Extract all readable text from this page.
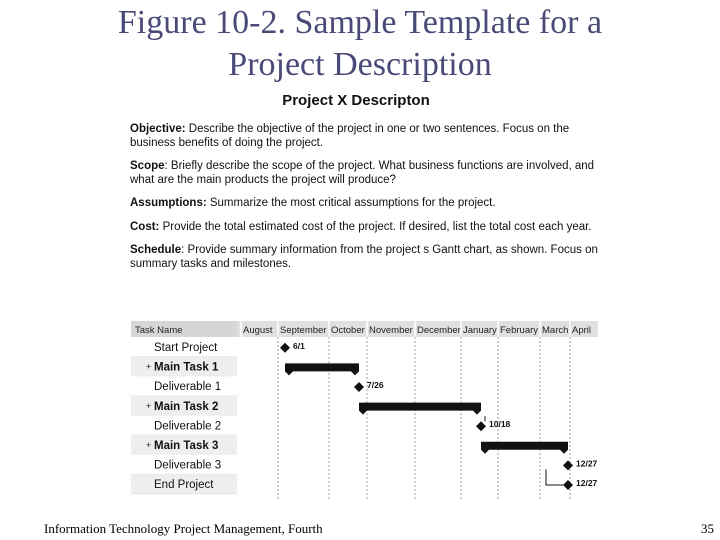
Figure 10-2. Sample Template for a
Project Description
Project X Descripton
Objective: Describe the objective of the project in one or two sentences. Focus on the business benefits of doing the project.
Scope: Briefly describe the scope of the project. What business functions are involved, and what are the main products the project will produce?
Assumptions: Summarize the most critical assumptions for the project.
Cost: Provide the total estimated cost of the project. If desired, list the total cost each year.
Schedule: Provide summary information from the project s Gantt chart, as shown. Focus on summary tasks and milestones.
Task Name	August September October November December January February March April
Start Project	6/1
+ Main Task 1
Deliverable 1	7/26
+ Main Task 2
Deliverable 2	10/18
+ Main Task 3
Deliverable 3	12/27
End Project	12/27
Information Technology Project Management, Fourth	35
